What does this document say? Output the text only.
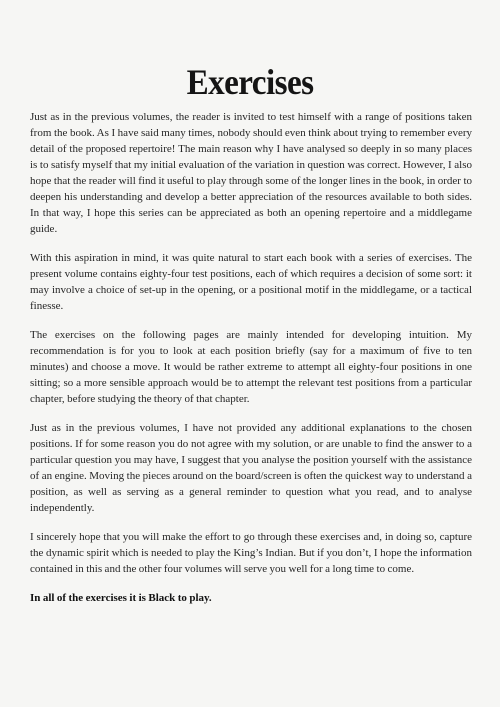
Exercises

Just as in the previous volumes, the reader is invited to test himself with a range of positions taken from the book. As I have said many times, nobody should even think about trying to remember every detail of the proposed repertoire! The main reason why I have analysed so deeply in so many places is to satisfy myself that my initial evaluation of the variation in question was correct. However, I also hope that the reader will find it useful to play through some of the longer lines in the book, in order to deepen his understanding and develop a better appreciation of the resources available to both sides. In that way, I hope this series can be appreciated as both an opening repertoire and a middlegame guide.

With this aspiration in mind, it was quite natural to start each book with a series of exercises. The present volume contains eighty-four test positions, each of which requires a decision of some sort: it may involve a choice of set-up in the opening, or a positional motif in the middlegame, or a tactical finesse.

The exercises on the following pages are mainly intended for developing intuition. My recommendation is for you to look at each position briefly (say for a maximum of five to ten minutes) and choose a move. It would be rather extreme to attempt all eighty-four positions in one sitting; so a more sensible approach would be to attempt the relevant test positions from a particular chapter, before studying the theory of that chapter.

Just as in the previous volumes, I have not provided any additional explanations to the chosen positions. If for some reason you do not agree with my solution, or are unable to find the answer to a particular question you may have, I suggest that you analyse the position yourself with the assistance of an engine. Moving the pieces around on the board/screen is often the quickest way to understand a position, as well as serving as a general reminder to question what you read, and to analyse independently.

I sincerely hope that you will make the effort to go through these exercises and, in doing so, capture the dynamic spirit which is needed to play the King’s Indian. But if you don’t, I hope the information contained in this and the other four volumes will serve you well for a long time to come.

In all of the exercises it is Black to play.
